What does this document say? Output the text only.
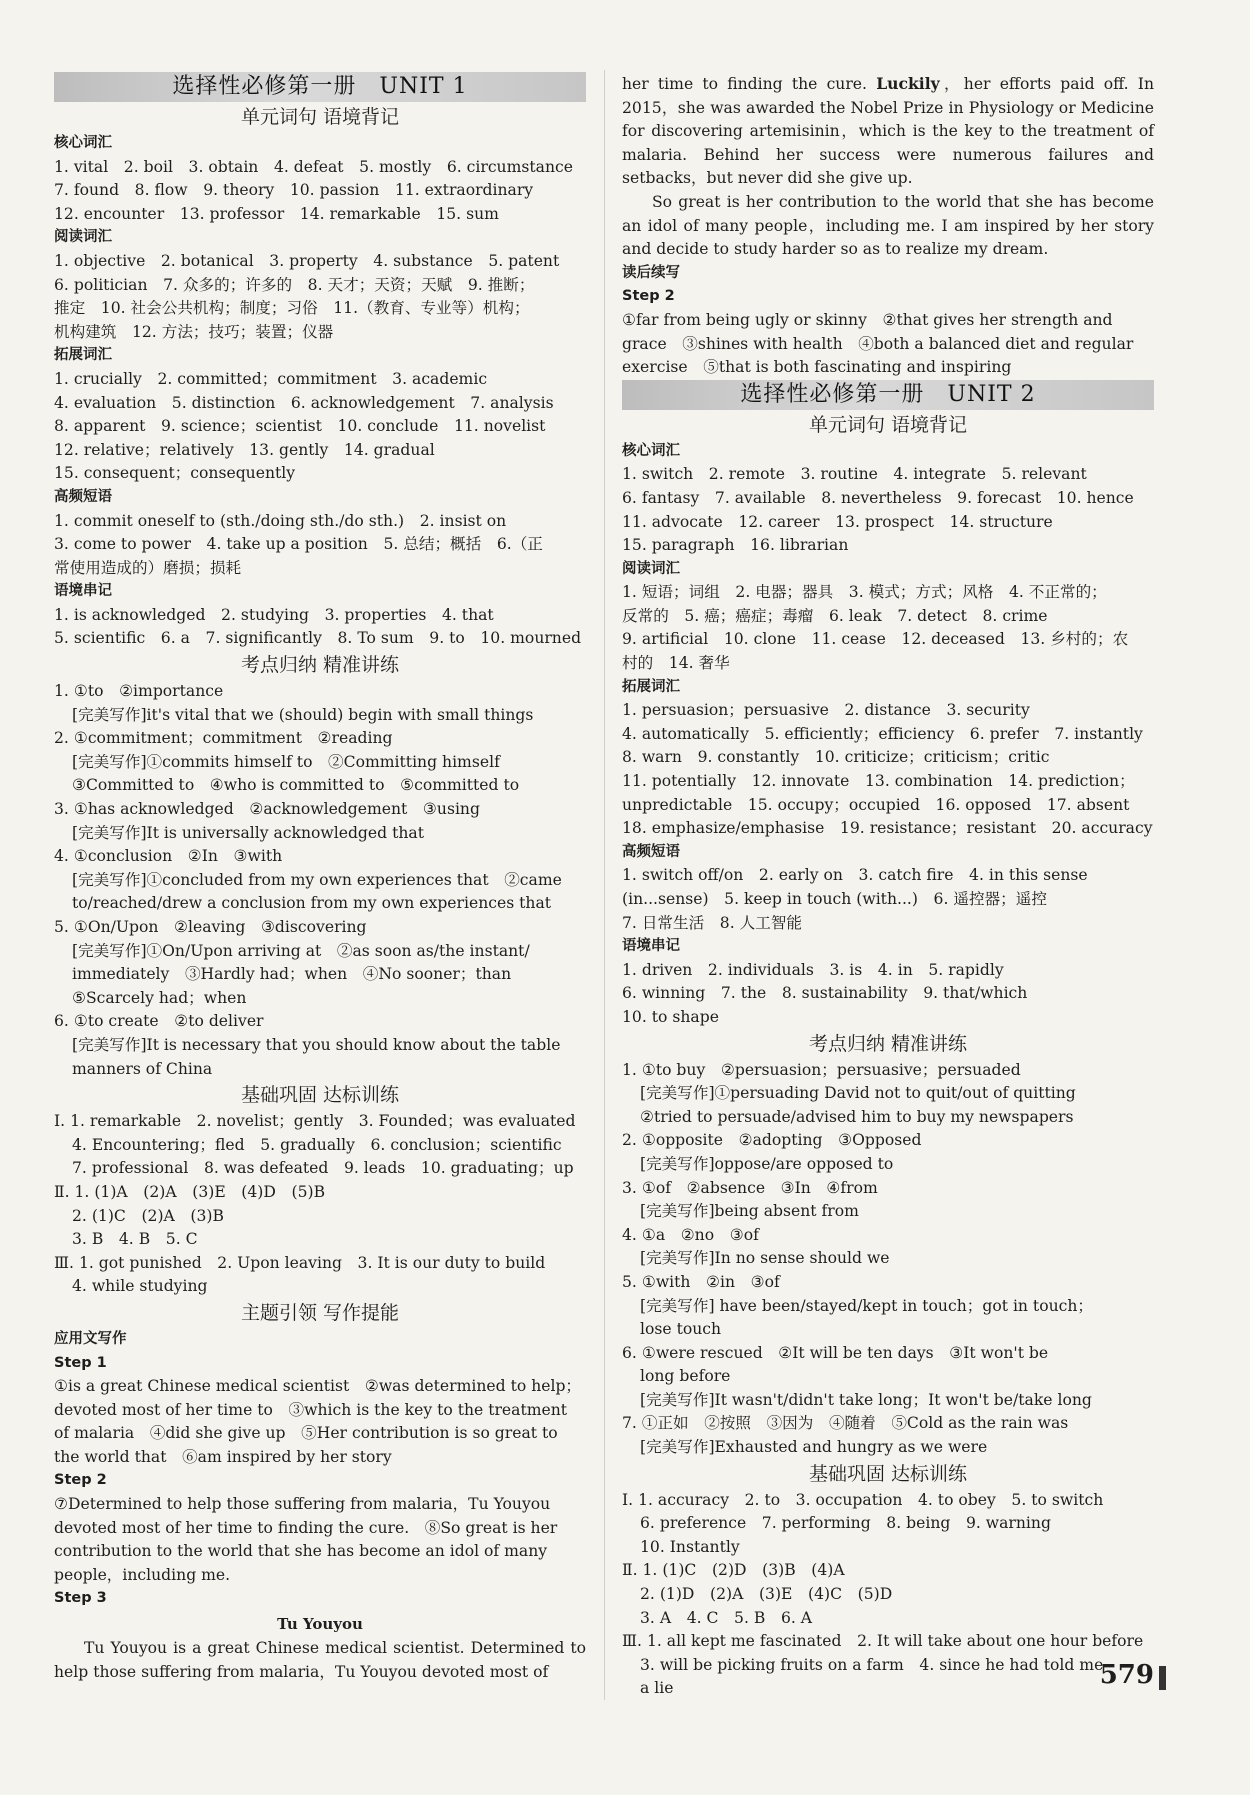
选择性必修第一册　UNIT 1
单元词句 语境背记
核心词汇
1. vital　2. boil　3. obtain　4. defeat　5. mostly　6. circumstance
7. found　8. flow　9. theory　10. passion　11. extraordinary
12. encounter　13. professor　14. remarkable　15. sum
阅读词汇
1. objective　2. botanical　3. property　4. substance　5. patent
6. politician　7. 众多的；许多的　8. 天才；天资；天赋　9. 推断；
推定　10. 社会公共机构；制度；习俗　11.（教育、专业等）机构；
机构建筑　12. 方法；技巧；装置；仪器
拓展词汇
1. crucially　2. committed；commitment　3. academic
4. evaluation　5. distinction　6. acknowledgement　7. analysis
8. apparent　9. science；scientist　10. conclude　11. novelist
12. relative；relatively　13. gently　14. gradual
15. consequent；consequently
高频短语
1. commit oneself to (sth./doing sth./do sth.)　2. insist on
3. come to power　4. take up a position　5. 总结；概括　6.（正
常使用造成的）磨损；损耗
语境串记
1. is acknowledged　2. studying　3. properties　4. that
5. scientific　6. a　7. significantly　8. To sum　9. to　10. mourned
考点归纳 精准讲练
1. ①to　②importance
[完美写作]it's vital that we (should) begin with small things
2. ①commitment；commitment　②reading
[完美写作]①commits himself to　②Committing himself
③Committed to　④who is committed to　⑤committed to
3. ①has acknowledged　②acknowledgement　③using
[完美写作]It is universally acknowledged that
4. ①conclusion　②In　③with
[完美写作]①concluded from my own experiences that　②came
to/reached/drew a conclusion from my own experiences that
5. ①On/Upon　②leaving　③discovering
[完美写作]①On/Upon arriving at　②as soon as/the instant/
immediately　③Hardly had；when　④No sooner；than
⑤Scarcely had；when
6. ①to create　②to deliver
[完美写作]It is necessary that you should know about the table
manners of China
基础巩固 达标训练
Ⅰ. 1. remarkable　2. novelist；gently　3. Founded；was evaluated
4. Encountering；fled　5. gradually　6. conclusion；scientific
7. professional　8. was defeated　9. leads　10. graduating；up
Ⅱ. 1. (1)A　(2)A　(3)E　(4)D　(5)B
2. (1)C　(2)A　(3)B
3. B　4. B　5. C
Ⅲ. 1. got punished　2. Upon leaving　3. It is our duty to build
4. while studying
主题引领 写作提能
应用文写作
Step 1
①is a great Chinese medical scientist　②was determined to help；
devoted most of her time to　③which is the key to the treatment
of malaria　④did she give up　⑤Her contribution is so great to
the world that　⑥am inspired by her story
Step 2
⑦Determined to help those suffering from malaria，Tu Youyou
devoted most of her time to finding the cure.　⑧So great is her
contribution to the world that she has become an idol of many
people，including me.
Step 3
Tu Youyou
Tu Youyou is a great Chinese medical scientist. Determined to help those suffering from malaria，Tu Youyou devoted most of
her time to finding the cure. Luckily，her efforts paid off. In 2015，she was awarded the Nobel Prize in Physiology or Medicine for discovering artemisinin，which is the key to the treatment of malaria. Behind her success were numerous failures and setbacks，but never did she give up.
So great is her contribution to the world that she has become an idol of many people，including me. I am inspired by her story and decide to study harder so as to realize my dream.
读后续写
Step 2
①far from being ugly or skinny　②that gives her strength and
grace　③shines with health　④both a balanced diet and regular
exercise　⑤that is both fascinating and inspiring
选择性必修第一册　UNIT 2
单元词句 语境背记
核心词汇
1. switch　2. remote　3. routine　4. integrate　5. relevant
6. fantasy　7. available　8. nevertheless　9. forecast　10. hence
11. advocate　12. career　13. prospect　14. structure
15. paragraph　16. librarian
阅读词汇
1. 短语；词组　2. 电器；器具　3. 模式；方式；风格　4. 不正常的；
反常的　5. 癌；癌症；毒瘤　6. leak　7. detect　8. crime
9. artificial　10. clone　11. cease　12. deceased　13. 乡村的；农
村的　14. 奢华
拓展词汇
1. persuasion；persuasive　2. distance　3. security
4. automatically　5. efficiently；efficiency　6. prefer　7. instantly
8. warn　9. constantly　10. criticize；criticism；critic
11. potentially　12. innovate　13. combination　14. prediction；
unpredictable　15. occupy；occupied　16. opposed　17. absent
18. emphasize/emphasise　19. resistance；resistant　20. accuracy
高频短语
1. switch off/on　2. early on　3. catch fire　4. in this sense
(in...sense)　5. keep in touch (with...)　6. 遥控器；遥控
7. 日常生活　8. 人工智能
语境串记
1. driven　2. individuals　3. is　4. in　5. rapidly
6. winning　7. the　8. sustainability　9. that/which
10. to shape
考点归纳 精准讲练
1. ①to buy　②persuasion；persuasive；persuaded
[完美写作]①persuading David not to quit/out of quitting
②tried to persuade/advised him to buy my newspapers
2. ①opposite　②adopting　③Opposed
[完美写作]oppose/are opposed to
3. ①of　②absence　③In　④from
[完美写作]being absent from
4. ①a　②no　③of
[完美写作]In no sense should we
5. ①with　②in　③of
[完美写作] have been/stayed/kept in touch；got in touch；
lose touch
6. ①were rescued　②It will be ten days　③It won't be
long before
[完美写作]It wasn't/didn't take long；It won't be/take long
7. ①正如　②按照　③因为　④随着　⑤Cold as the rain was
[完美写作]Exhausted and hungry as we were
基础巩固 达标训练
Ⅰ. 1. accuracy　2. to　3. occupation　4. to obey　5. to switch
6. preference　7. performing　8. being　9. warning
10. Instantly
Ⅱ. 1. (1)C　(2)D　(3)B　(4)A
2. (1)D　(2)A　(3)E　(4)C　(5)D
3. A　4. C　5. B　6. A
Ⅲ. 1. all kept me fascinated　2. It will take about one hour before
3. will be picking fruits on a farm　4. since he had told me
a lie	579
